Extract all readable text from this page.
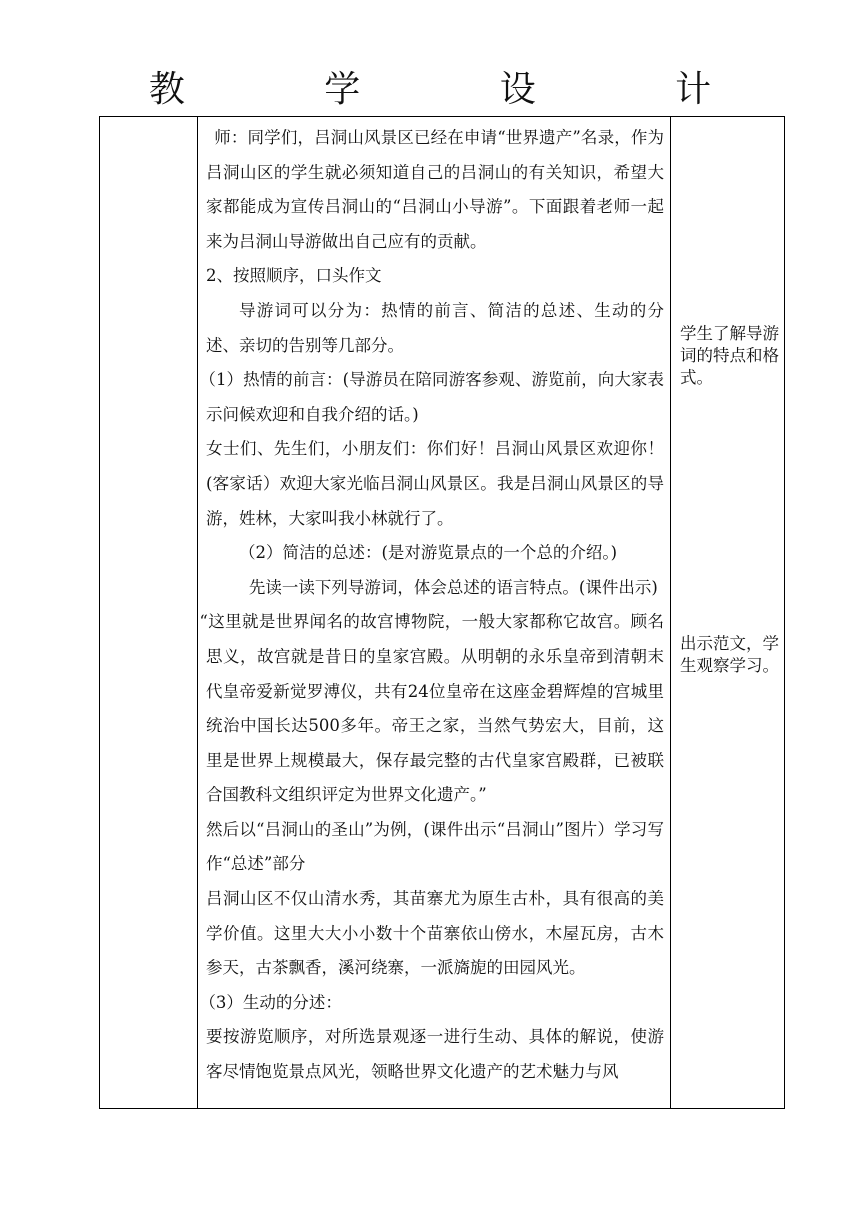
教 学 设 计

师：同学们，吕洞山风景区已经在申请“世界遗产”名录，作为吕洞山区的学生就必须知道自己的吕洞山的有关知识，希望大家都能成为宣传吕洞山的“吕洞山小导游”。下面跟着老师一起来为吕洞山导游做出自己应有的贡献。

2、按照顺序，口头作文

导游词可以分为：热情的前言、简洁的总述、生动的分述、亲切的告别等几部分。

（1）热情的前言：(导游员在陪同游客参观、游览前，向大家表示问候欢迎和自我介绍的话。)

女士们、先生们，小朋友们：你们好！吕洞山风景区欢迎你！(客家话）欢迎大家光临吕洞山风景区。我是吕洞山风景区的导游，姓林，大家叫我小林就行了。

（2）简洁的总述：(是对游览景点的一个总的介绍。)

先读一读下列导游词，体会总述的语言特点。(课件出示)

“这里就是世界闻名的故宫博物院，一般大家都称它故宫。顾名思义，故宫就是昔日的皇家宫殿。从明朝的永乐皇帝到清朝末代皇帝爱新觉罗溥仪，共有24位皇帝在这座金碧辉煌的宫城里统治中国长达500多年。帝王之家，当然气势宏大，目前，这里是世界上规模最大，保存最完整的古代皇家宫殿群，已被联合国教科文组织评定为世界文化遗产。”

然后以“吕洞山的圣山”为例，(课件出示“吕洞山”图片）学习写作“总述”部分

吕洞山区不仅山清水秀，其苗寨尤为原生古朴，具有很高的美学价值。这里大大小小数十个苗寨依山傍水，木屋瓦房，古木参天，古茶飘香，溪河绕寨，一派旖旎的田园风光。

（3）生动的分述：

要按游览顺序，对所选景观逐一进行生动、具体的解说，使游客尽情饱览景点风光，领略世界文化遗产的艺术魅力与风

学生了解导游词的特点和格式。
出示范文，学生观察学习。
